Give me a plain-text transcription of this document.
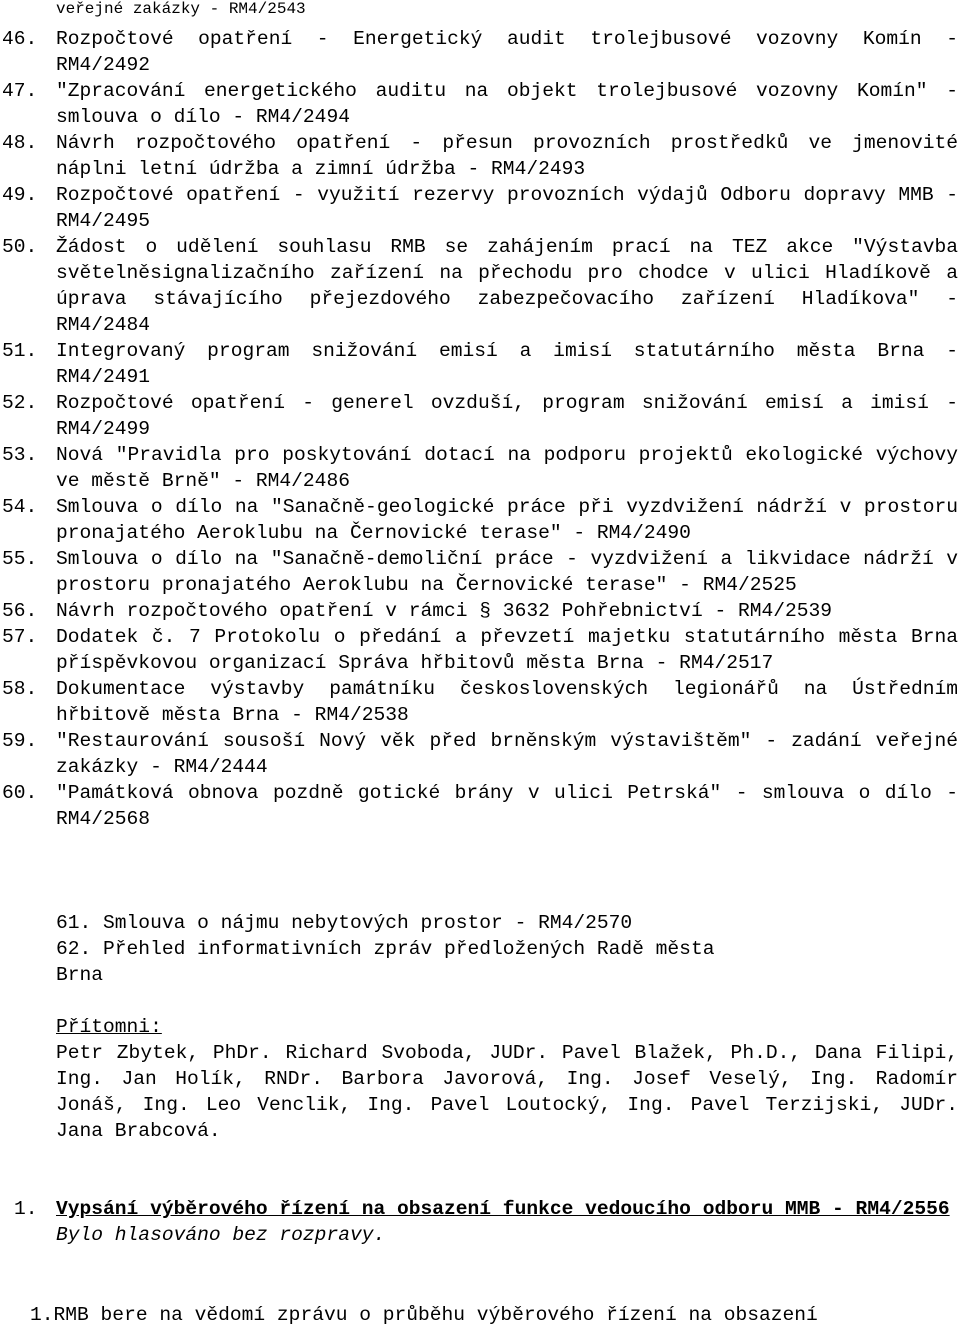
veřejné zakázky - RM4/2543
46. Rozpočtové opatření - Energetický audit trolejbusové vozovny Komín - RM4/2492
47. "Zpracování energetického auditu na objekt trolejbusové vozovny Komín" - smlouva o dílo - RM4/2494
48. Návrh rozpočtového opatření - přesun provozních prostředků ve jmenovité náplni letní údržba a zimní údržba - RM4/2493
49. Rozpočtové opatření - využití rezervy provozních výdajů Odboru dopravy MMB - RM4/2495
50. Žádost o udělení souhlasu RMB se zahájením prací na TEZ akce "Výstavba světelněsignalizačního zařízení na přechodu pro chodce v ulici Hladíkově a úprava stávajícího přejezdového zabezpečovacího zařízení Hladíkova" - RM4/2484
51. Integrovaný program snižování emisí a imisí statutárního města Brna - RM4/2491
52. Rozpočtové opatření - generel ovzduší, program snižování emisí a imisí - RM4/2499
53. Nová "Pravidla pro poskytování dotací na podporu projektů ekologické výchovy ve městě Brně" - RM4/2486
54. Smlouva o dílo na "Sanačně-geologické práce při vyzdvižení nádrží v prostoru pronajatého Aeroklubu na Černovické terase" - RM4/2490
55. Smlouva o dílo na "Sanačně-demoliční práce - vyzdvižení a likvidace nádrží v prostoru pronajatého Aeroklubu na Černovické terase" - RM4/2525
56. Návrh rozpočtového opatření v rámci § 3632 Pohřebnictví - RM4/2539
57. Dodatek č. 7 Protokolu o předání a převzetí majetku statutárního města Brna příspěvkovou organizací Správa hřbitovů města Brna - RM4/2517
58. Dokumentace výstavby památníku československých legionářů na Ústředním hřbitově města Brna - RM4/2538
59. "Restaurování sousoší Nový věk před brněnským výstavištěm" - zadání veřejné zakázky - RM4/2444
60. "Památková obnova pozdně gotické brány v ulici Petrská" - smlouva o dílo - RM4/2568
61. Smlouva o nájmu nebytových prostor - RM4/2570
62. Přehled informativních zpráv předložených Radě města
Brna
Přítomni:
Petr Zbytek, PhDr. Richard Svoboda, JUDr. Pavel Blažek, Ph.D., Dana Filipi, Ing. Jan Holík, RNDr. Barbora Javorová, Ing. Josef Veselý, Ing. Radomír Jonáš, Ing. Leo Venclik, Ing. Pavel Loutocký, Ing. Pavel Terzijski, JUDr. Jana Brabcová.
1. Vypsání výběrového řízení na obsazení funkce vedoucího odboru MMB - RM4/2556
Bylo hlasováno bez rozpravy.
1.RMB bere na vědomí zprávu o průběhu výběrového řízení na obsazení
